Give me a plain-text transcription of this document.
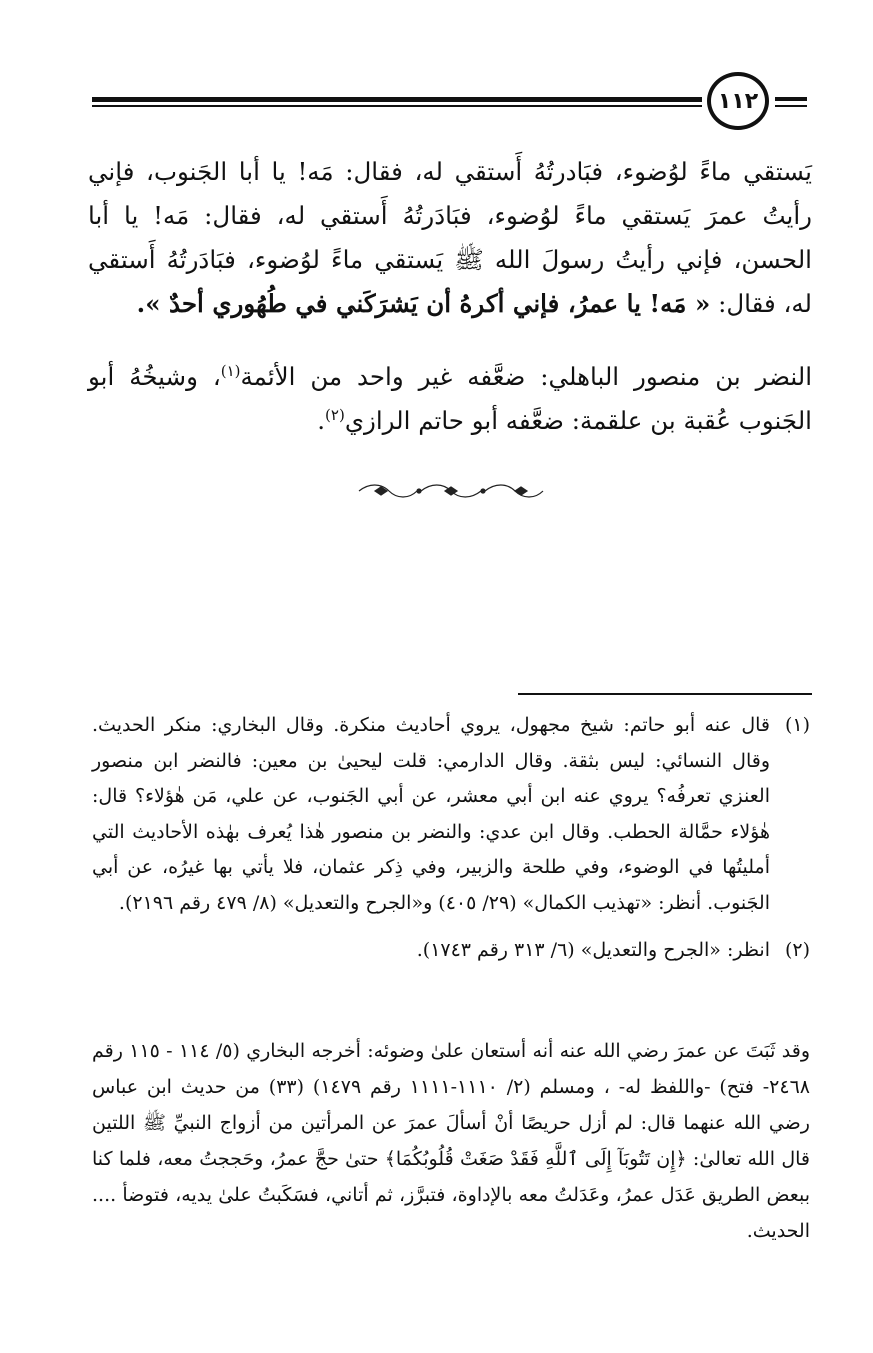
١١٢

يَستقي ماءً لوُضوء، فبَادرتُهُ أَستقي له، فقال: مَه! يا أبا الجَنوب، فإني رأيتُ عمرَ يَستقي ماءً لوُضوء، فبَادَرتُهُ أَستقي له، فقال: مَه! يا أبا الحسن، فإني رأيتُ رسولَ الله ﷺ يَستقي ماءً لوُضوء، فبَادَرتُهُ أَستقي له، فقال: « مَه! يا عمرُ، فإني أكرهُ أن يَشرَكَني في طُهُوري أحدٌ ».

النضر بن منصور الباهلي: ضعَّفه غير واحد من الأئمة$^{(١)}$، وشيخُهُ أبو الجَنوب عُقبة بن علقمة: ضعَّفه أبو حاتم الرازي$^{(٢)}$.

(١)
قال عنه أبو حاتم: شيخ مجهول، يروي أحاديث منكرة. وقال البخاري: منكر الحديث. وقال النسائي: ليس بثقة. وقال الدارمي: قلت ليحيىٰ بن معين: فالنضر ابن منصور العنزي تعرفُه؟ يروي عنه ابن أبي معشر، عن أبي الجَنوب، عن علي، مَن هٰؤلاء؟ قال: هٰؤلاء حمَّالة الحطب. وقال ابن عدي: والنضر بن منصور هٰذا يُعرف بهٰذه الأحاديث التي أمليتُها في الوضوء، وفي طلحة والزبير، وفي ذِكر عثمان، فلا يأتي بها غيرُه، عن أبي الجَنوب. أنظر: «تهذيب الكمال» (٢٩/ ٤٠٥) و«الجرح والتعديل» (٨/ ٤٧٩ رقم ٢١٩٦).
(٢)
انظر: «الجرح والتعديل» (٦/ ٣١٣ رقم ١٧٤٣).
وقد ثَبَتَ عن عمرَ رضي الله عنه أنه أستعان علىٰ وضوئه: أخرجه البخاري (٥/ ١١٤ - ١١٥ رقم ٢٤٦٨- فتح) -واللفظ له- ، ومسلم (٢/ ١١١٠-١١١١ رقم ١٤٧٩) (٣٣) من حديث ابن عباس رضي الله عنهما قال: لم أزل حريصًا أنْ أسألَ عمرَ عن المرأتين من أزواج النبيِّ ﷺ اللتين قال الله تعالىٰ: ﴿إِن تَتُوبَآ إِلَى ٱللَّهِ فَقَدْ صَغَتْ قُلُوبُكُمَا﴾ حتىٰ حجَّ عمرُ، وحَججتُ معه، فلما كنا ببعض الطريق عَدَل عمرُ، وعَدَلتُ معه بالإداوة، فتبرَّز، ثم أتاني، فسَكَبتُ علىٰ يديه، فتوضأ .... الحديث.
